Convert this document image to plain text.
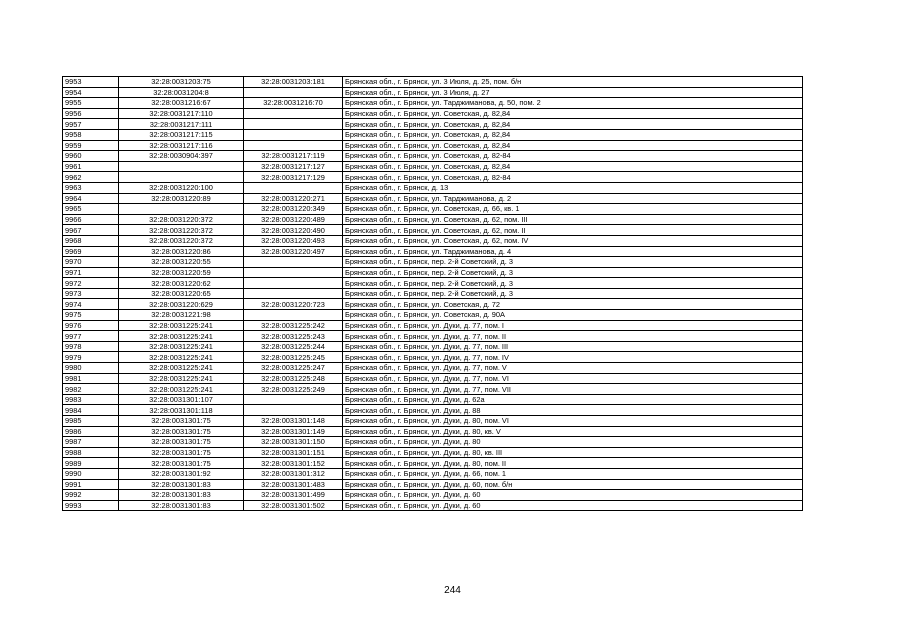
9953	32:28:0031203:75	32:28:0031203:181	Брянская обл., г. Брянск, ул. 3 Июля, д. 25, пом. б/н
9954	32:28:0031204:8		Брянская обл., г. Брянск, ул. 3 Июля, д. 27
9955	32:28:0031216:67	32:28:0031216:70	Брянская обл., г. Брянск, ул. Тарджиманова, д. 50, пом. 2
9956	32:28:0031217:110		Брянская обл., г. Брянск, ул. Советская, д. 82,84
9957	32:28:0031217:111		Брянская обл., г. Брянск, ул. Советская, д. 82,84
9958	32:28:0031217:115		Брянская обл., г. Брянск, ул. Советская, д. 82,84
9959	32:28:0031217:116		Брянская обл., г. Брянск, ул. Советская, д. 82,84
9960	32:28:0030904:397	32:28:0031217:119	Брянская обл., г. Брянск, ул. Советская, д. 82-84
9961		32:28:0031217:127	Брянская обл., г. Брянск, ул. Советская, д. 82,84
9962		32:28:0031217:129	Брянская обл., г. Брянск, ул. Советская, д. 82-84
9963	32:28:0031220:100		Брянская обл., г. Брянск, д. 13
9964	32:28:0031220:89	32:28:0031220:271	Брянская обл., г. Брянск, ул. Тарджиманова, д. 2
9965		32:28:0031220:349	Брянская обл., г. Брянск, ул. Советская, д. 66, кв. 1
9966	32:28:0031220:372	32:28:0031220:489	Брянская обл., г. Брянск, ул. Советская, д. 62, пом. III
9967	32:28:0031220:372	32:28:0031220:490	Брянская обл., г. Брянск, ул. Советская, д. 62, пом. II
9968	32:28:0031220:372	32:28:0031220:493	Брянская обл., г. Брянск, ул. Советская, д. 62, пом. IV
9969	32:28:0031220:86	32:28:0031220:497	Брянская обл., г. Брянск, ул. Тарджиманова, д. 4
9970	32:28:0031220:55		Брянская обл., г. Брянск, пер. 2-й Советский, д. 3
9971	32:28:0031220:59		Брянская обл., г. Брянск, пер. 2-й Советский, д. 3
9972	32:28:0031220:62		Брянская обл., г. Брянск, пер. 2-й Советский, д. 3
9973	32:28:0031220:65		Брянская обл., г. Брянск, пер. 2-й Советский, д. 3
9974	32:28:0031220:629	32:28:0031220:723	Брянская обл., г. Брянск, ул. Советская, д. 72
9975	32:28:0031221:98		Брянская обл., г. Брянск, ул. Советская, д. 90А
9976	32:28:0031225:241	32:28:0031225:242	Брянская обл., г. Брянск, ул. Дуки, д. 77, пом. I
9977	32:28:0031225:241	32:28:0031225:243	Брянская обл., г. Брянск, ул. Дуки, д. 77, пом. II
9978	32:28:0031225:241	32:28:0031225:244	Брянская обл., г. Брянск, ул. Дуки, д. 77, пом. III
9979	32:28:0031225:241	32:28:0031225:245	Брянская обл., г. Брянск, ул. Дуки, д. 77, пом. IV
9980	32:28:0031225:241	32:28:0031225:247	Брянская обл., г. Брянск, ул. Дуки, д. 77, пом. V
9981	32:28:0031225:241	32:28:0031225:248	Брянская обл., г. Брянск, ул. Дуки, д. 77, пом. VI
9982	32:28:0031225:241	32:28:0031225:249	Брянская обл., г. Брянск, ул. Дуки, д. 77, пом. VII
9983	32:28:0031301:107		Брянская обл., г. Брянск, ул. Дуки, д. 62а
9984	32:28:0031301:118		Брянская обл., г. Брянск, ул. Дуки, д. 88
9985	32:28:0031301:75	32:28:0031301:148	Брянская обл., г. Брянск, ул. Дуки, д. 80, пом. VI
9986	32:28:0031301:75	32:28:0031301:149	Брянская обл., г. Брянск, ул. Дуки, д. 80, кв. V
9987	32:28:0031301:75	32:28:0031301:150	Брянская обл., г. Брянск, ул. Дуки, д. 80
9988	32:28:0031301:75	32:28:0031301:151	Брянская обл., г. Брянск, ул. Дуки, д. 80, кв. III
9989	32:28:0031301:75	32:28:0031301:152	Брянская обл., г. Брянск, ул. Дуки, д. 80, пом. II
9990	32:28:0031301:92	32:28:0031301:312	Брянская обл., г. Брянск, ул. Дуки, д. 66, пом. 1
9991	32:28:0031301:83	32:28:0031301:483	Брянская обл., г. Брянск, ул. Дуки, д. 60, пом. б/н
9992	32:28:0031301:83	32:28:0031301:499	Брянская обл., г. Брянск, ул. Дуки, д. 60
9993	32:28:0031301:83	32:28:0031301:502	Брянская обл., г. Брянск, ул. Дуки, д. 60
244
